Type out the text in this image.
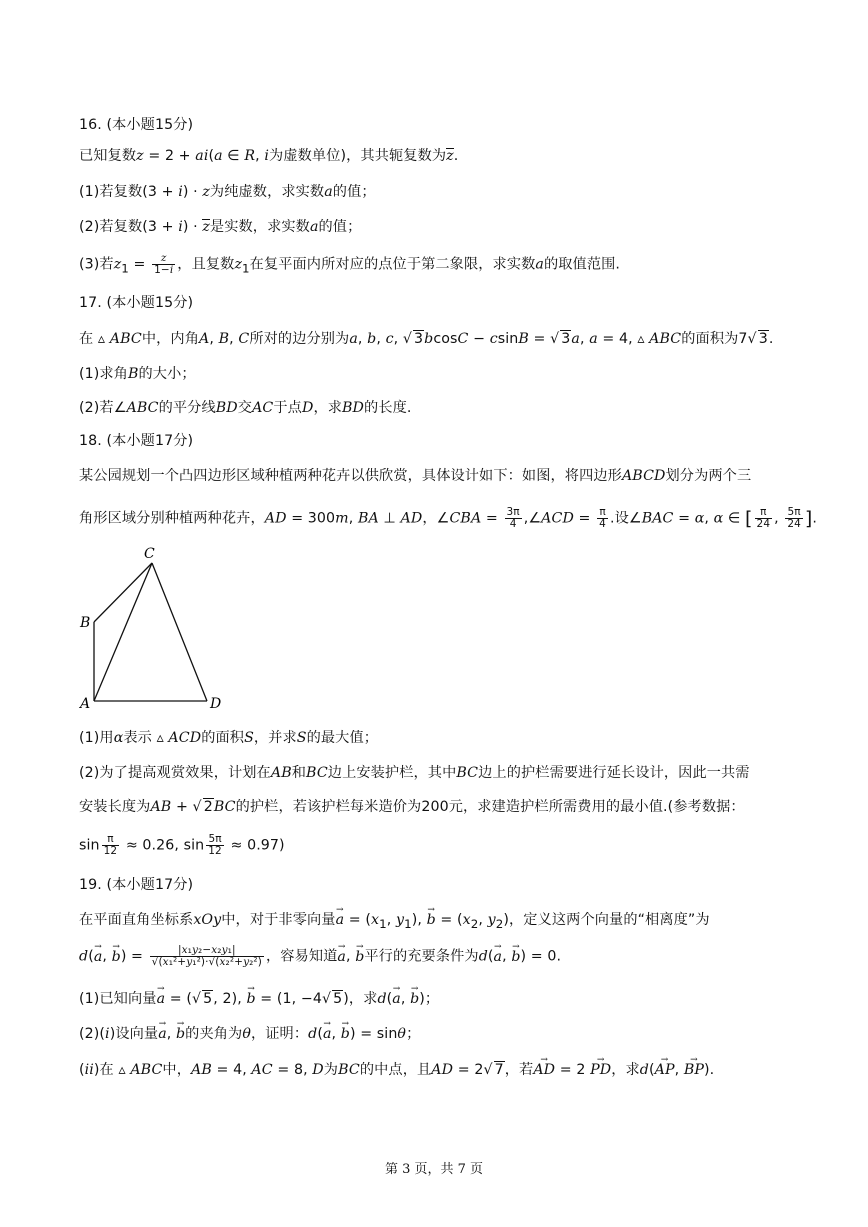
16. (本小题15分)
已知复数z = 2 + ai(a ∈ R, i为虚数单位)，其共轭复数为z.
(1)若复数(3 + i) · z为纯虚数，求实数a的值；
(2)若复数(3 + i) · z是实数，求实数a的值；
(3)若$z_1 = \frac{z}{1-i}$ ，且复数$z_1$在复平面内所对应的点位于第二象限，求实数a的取值范围.
17. (本小题15分)
在 ▵ ABC中，内角A, B, C所对的边分别为a, b, c, √ 3bcosC − csinB = √ 3a, a = 4, ▵ ABC的面积为7√ 3.
(1)求角B的大小；
(2)若∠ABC的平分线BD交AC于点D，求BD的长度.
18. (本小题17分)
某公园规划一个凸四边形区域种植两种花卉以供欣赏，具体设计如下：如图，将四边形ABCD划分为两个三
角形区域分别种植两种花卉，AD = 300m, BA ⊥ AD，∠CBA = $\frac{3\pi}{4}$ ,∠ACD = $\frac{\pi}{4}$ .设∠BAC = α, α ∈ [ $\frac{\pi}{24}$ , $\frac{5\pi}{24}$ ].
C
B
A	D
(1)用α表示 ▵ ACD的面积S，并求S的最大值；
(2)为了提高观赏效果，计划在AB和BC边上安装护栏，其中BC边上的护栏需要进行延长设计，因此一共需
安装长度为AB + √ 2BC的护栏，若该护栏每米造价为200元，求建造护栏所需费用的最小值.(参考数据：
$\sin \frac{\pi}{12} \approx 0.26$, $\sin \frac{5\pi}{12} \approx 0.97$)
19. (本小题17分)
在平面直角坐标系xOy中，对于非零向量→ $a = (x_1$, $y_1$), → $b = (x_2$, $y_2$)，定义这两个向量的“相离度”为
d(→ a, → $b) = \frac{\text{|x₁y₂−x₂y₁|}}{\text{√(x₁²+y₁²)·√(x₂²+y₂²)}}$ ，容易知道→ a, → b平行的充要条件为d(→ a, → b) = 0.
(1)已知向量→ a = (√ 5, 2), → b = (1, −4√ 5)，求d(→ a, → b)；
(2)(i)设向量→ a, → b的夹角为θ，证明：d(→ a, → b) = sinθ；
(ii)在 ▵ ABC中，AB = 4, AC = 8, D为BC的中点，且AD = 2√ 7，若→ AD = 2 → PD，求d(→ AP, → BP).
第 3 页，共 7 页
